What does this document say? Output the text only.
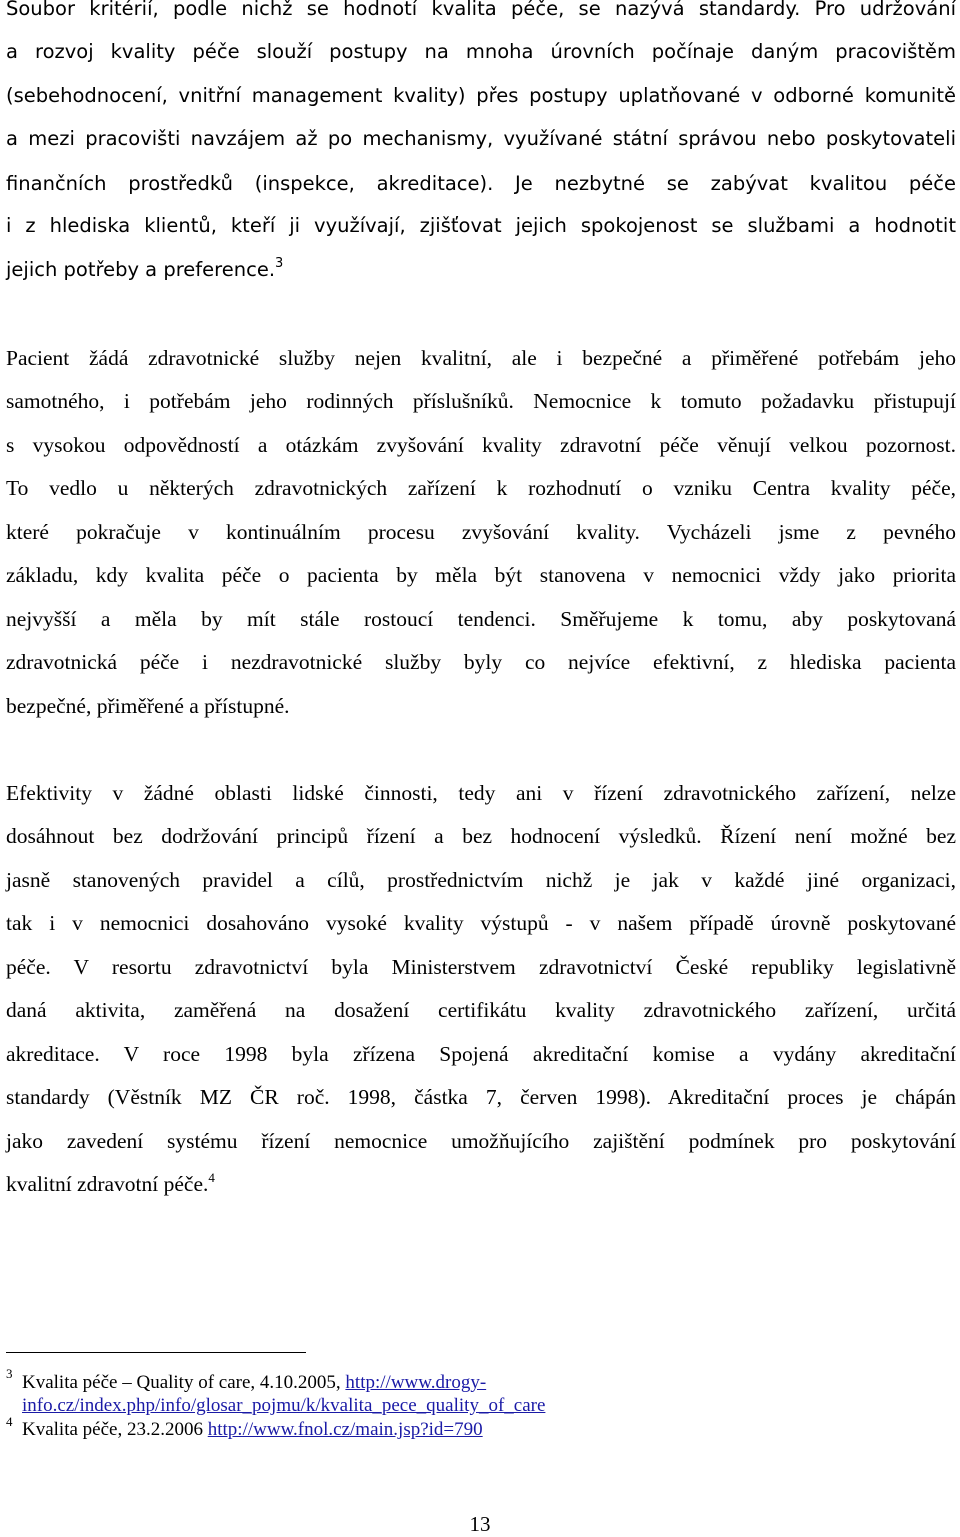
Soubor kritérií, podle nichž se hodnotí kvalita péče, se nazývá standardy. Pro udržování
a rozvoj kvality péče slouží postupy na mnoha úrovních počínaje daným pracovištěm
(sebehodnocení, vnitřní management kvality) přes postupy uplatňované v odborné komunitě
a mezi pracovišti navzájem až po mechanismy, využívané státní správou nebo poskytovateli
finančních prostředků (inspekce, akreditace). Je nezbytné se zabývat kvalitou péče
i z hlediska klientů, kteří ji využívají, zjišťovat jejich spokojenost se službami a hodnotit
jejich potřeby a preference.$^3$
Pacient žádá zdravotnické služby nejen kvalitní, ale i bezpečné a přiměřené potřebám jeho
samotného, i potřebám jeho rodinných příslušníků. Nemocnice k tomuto požadavku přistupují
s vysokou odpovědností a otázkám zvyšování kvality zdravotní péče věnují velkou pozornost.
To vedlo u některých zdravotnických zařízení k rozhodnutí o vzniku Centra kvality péče,
které pokračuje v kontinuálním procesu zvyšování kvality. Vycházeli jsme z pevného
základu, kdy kvalita péče o pacienta by měla být stanovena v nemocnici vždy jako priorita
nejvyšší a měla by mít stále rostoucí tendenci. Směřujeme k tomu, aby poskytovaná
zdravotnická péče i nezdravotnické služby byly co nejvíce efektivní, z hlediska pacienta
bezpečné, přiměřené a přístupné.
Efektivity v žádné oblasti lidské činnosti, tedy ani v řízení zdravotnického zařízení, nelze
dosáhnout bez dodržování principů řízení a bez hodnocení výsledků. Řízení není možné bez
jasně stanovených pravidel a cílů, prostřednictvím nichž je jak v každé jiné organizaci,
tak i v nemocnici dosahováno vysoké kvality výstupů - v našem případě úrovně poskytované
péče. V resortu zdravotnictví byla Ministerstvem zdravotnictví České republiky legislativně
daná aktivita, zaměřená na dosažení certifikátu kvality zdravotnického zařízení, určitá
akreditace. V roce 1998 byla zřízena Spojená akreditační komise a vydány akreditační
standardy (Věstník MZ ČR roč. 1998, částka 7, červen 1998). Akreditační proces je chápán
jako zavedení systému řízení nemocnice umožňujícího zajištění podmínek pro poskytování
kvalitní zdravotní péče.$^4$
3 Kvalita péče – Quality of care, 4.10.2005, http://www.drogy-
info.cz/index.php/info/glosar_pojmu/k/kvalita_pece_quality_of_care
4 Kvalita péče, 23.2.2006 http://www.fnol.cz/main.jsp?id=790
13
